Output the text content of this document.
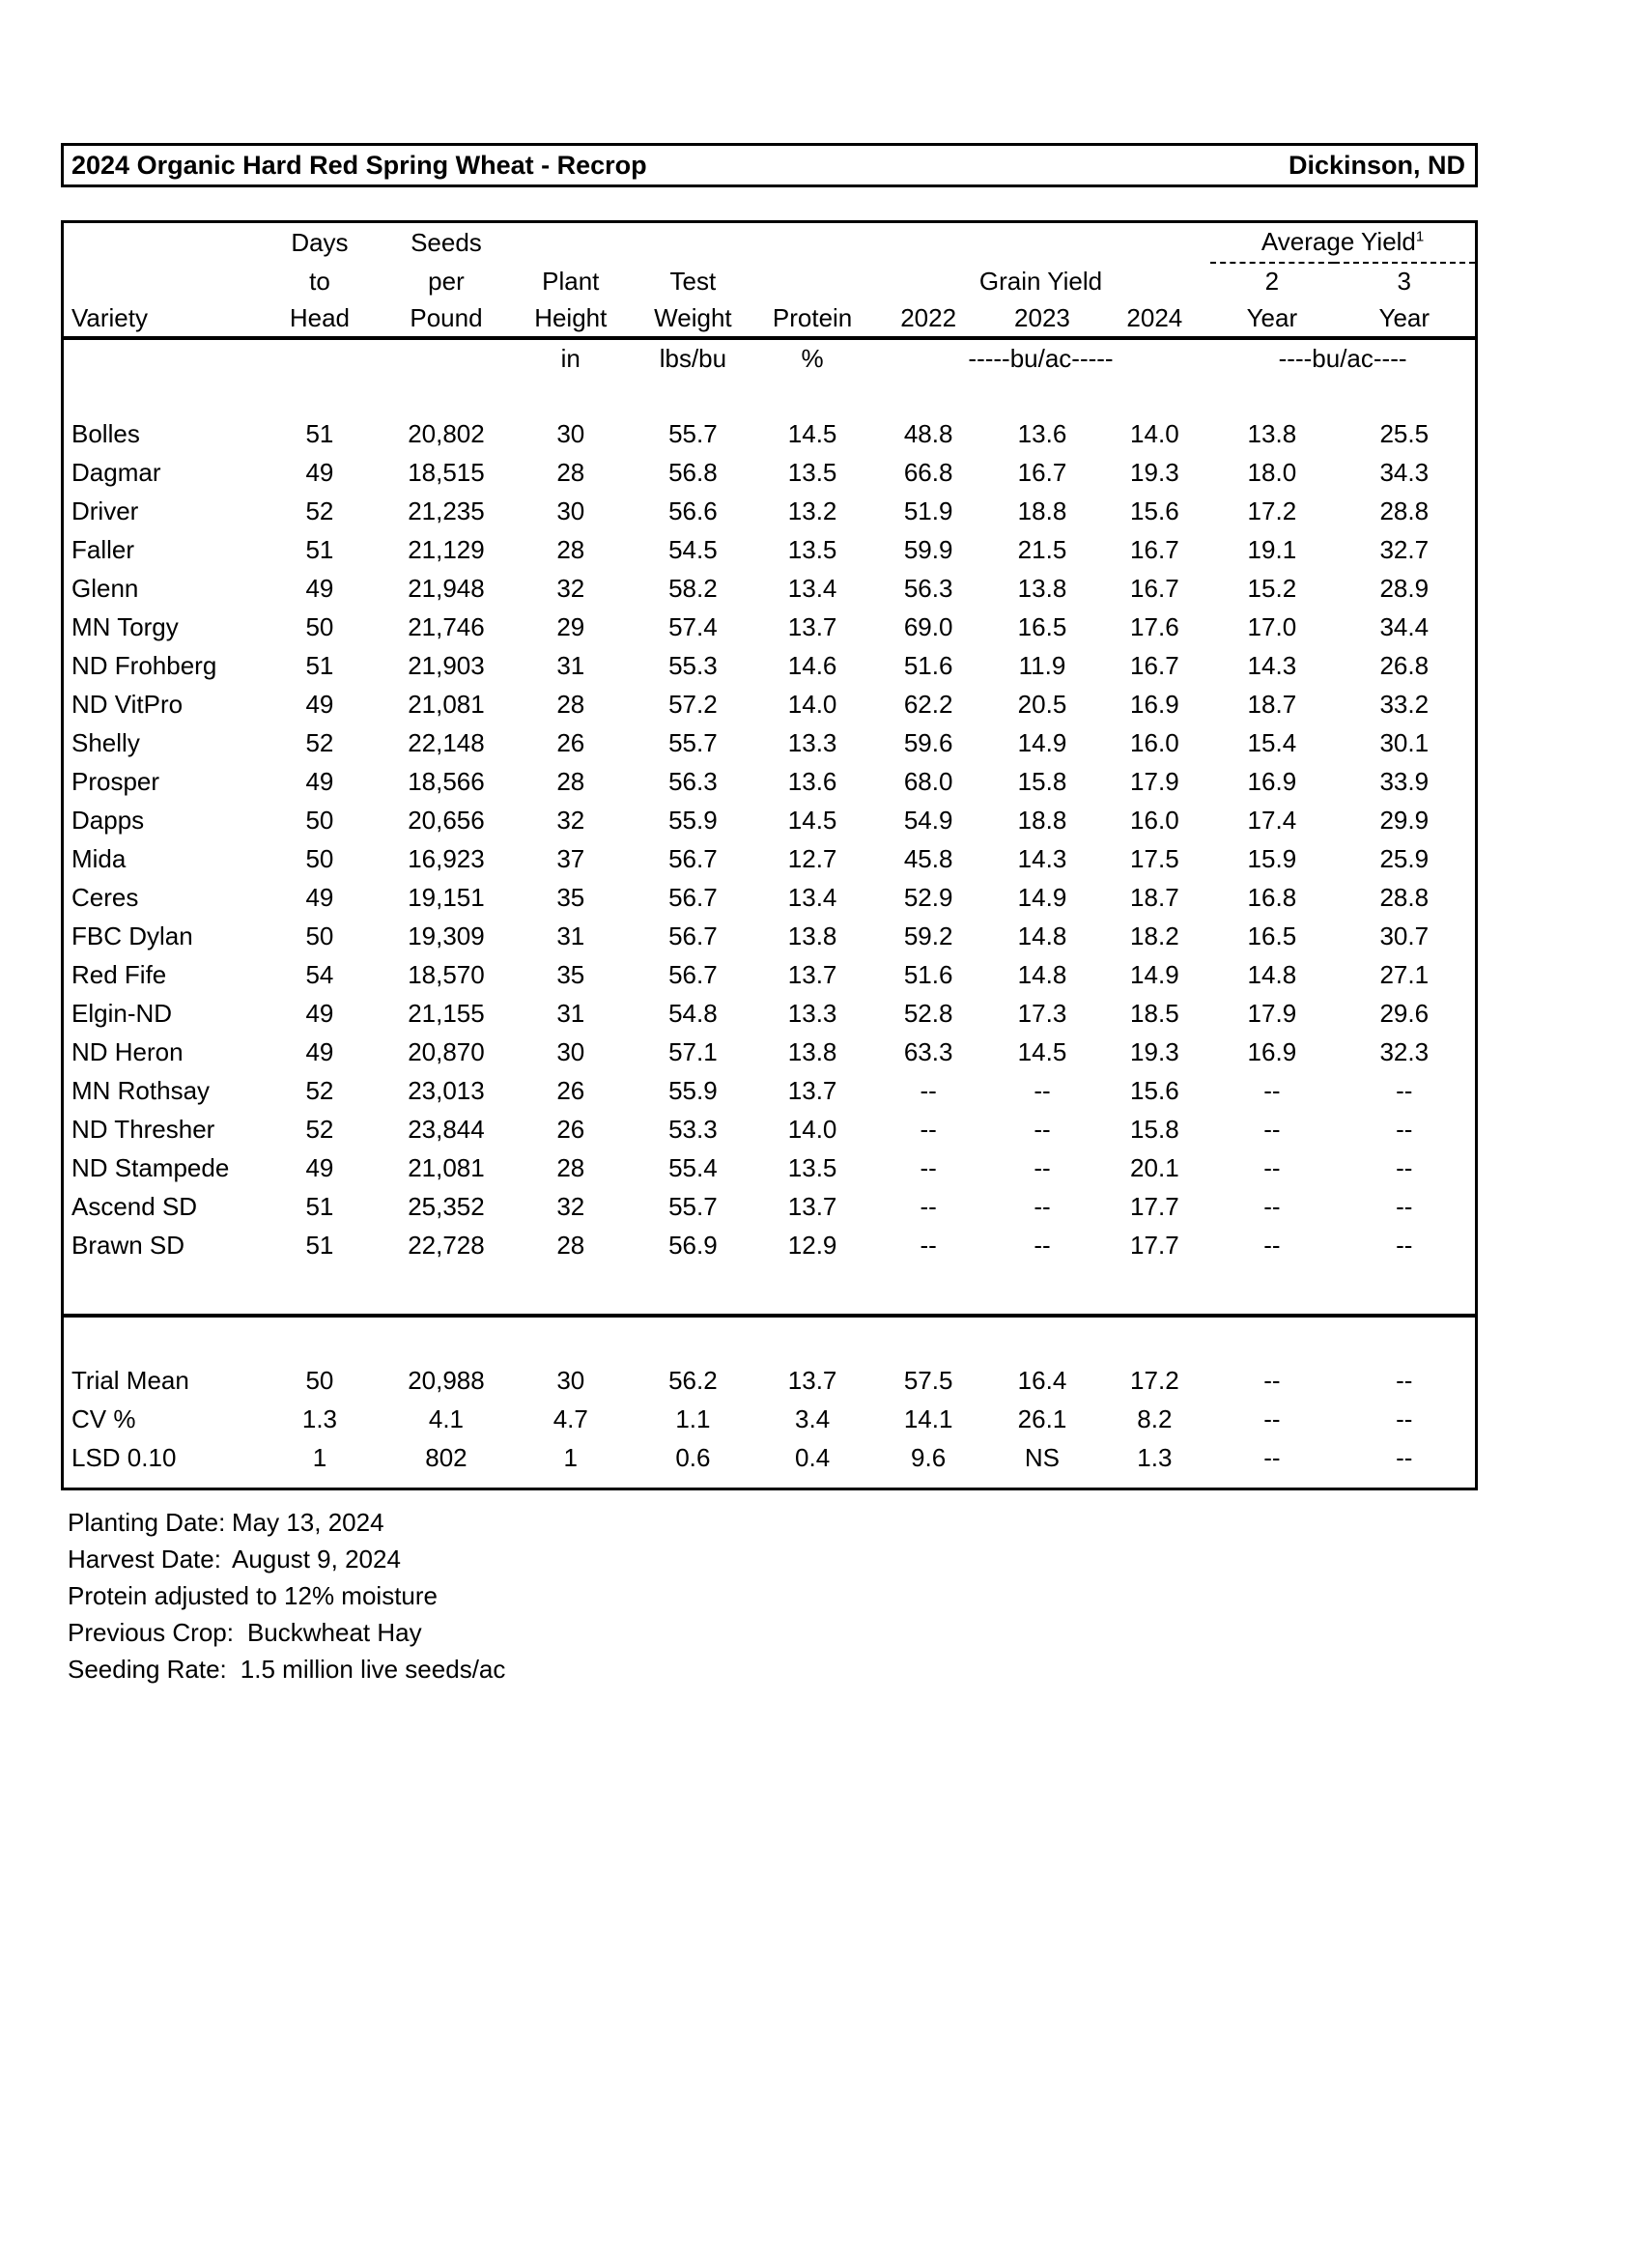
2024 Organic Hard Red Spring Wheat - Recrop	Dickinson, ND
	Days	Seeds							Average Yield$^1$
	to	per	Plant	Test		Grain Yield			2	3
Variety	Head	Pound	Height	Weight	Protein	2022	2023	2024	Year	Year
			in	lbs/bu	%	-----bu/ac-----			----bu/ac----	

Bolles	51	20,802	30	55.7	14.5	48.8	13.6	14.0	13.8	25.5
Dagmar	49	18,515	28	56.8	13.5	66.8	16.7	19.3	18.0	34.3
Driver	52	21,235	30	56.6	13.2	51.9	18.8	15.6	17.2	28.8
Faller	51	21,129	28	54.5	13.5	59.9	21.5	16.7	19.1	32.7
Glenn	49	21,948	32	58.2	13.4	56.3	13.8	16.7	15.2	28.9
MN Torgy	50	21,746	29	57.4	13.7	69.0	16.5	17.6	17.0	34.4
ND Frohberg	51	21,903	31	55.3	14.6	51.6	11.9	16.7	14.3	26.8
ND VitPro	49	21,081	28	57.2	14.0	62.2	20.5	16.9	18.7	33.2
Shelly	52	22,148	26	55.7	13.3	59.6	14.9	16.0	15.4	30.1
Prosper	49	18,566	28	56.3	13.6	68.0	15.8	17.9	16.9	33.9
Dapps	50	20,656	32	55.9	14.5	54.9	18.8	16.0	17.4	29.9
Mida	50	16,923	37	56.7	12.7	45.8	14.3	17.5	15.9	25.9
Ceres	49	19,151	35	56.7	13.4	52.9	14.9	18.7	16.8	28.8
FBC Dylan	50	19,309	31	56.7	13.8	59.2	14.8	18.2	16.5	30.7
Red Fife	54	18,570	35	56.7	13.7	51.6	14.8	14.9	14.8	27.1
Elgin-ND	49	21,155	31	54.8	13.3	52.8	17.3	18.5	17.9	29.6
ND Heron	49	20,870	30	57.1	13.8	63.3	14.5	19.3	16.9	32.3
MN Rothsay	52	23,013	26	55.9	13.7	--	--	15.6	--	--
ND Thresher	52	23,844	26	53.3	14.0	--	--	15.8	--	--
ND Stampede	49	21,081	28	55.4	13.5	--	--	20.1	--	--
Ascend SD	51	25,352	32	55.7	13.7	--	--	17.7	--	--
Brawn SD	51	22,728	28	56.9	12.9	--	--	17.7	--	--

Trial Mean	50	20,988	30	56.2	13.7	57.5	16.4	17.2	--	--
CV %	1.3	4.1	4.7	1.1	3.4	14.1	26.1	8.2	--	--
LSD 0.10	1	802	1	0.6	0.4	9.6	NS	1.3	--	--

Planting Date: May 13, 2024
Harvest Date: August 9, 2024
Protein adjusted to 12% moisture
Previous Crop: Buckwheat Hay
Seeding Rate: 1.5 million live seeds/ac
